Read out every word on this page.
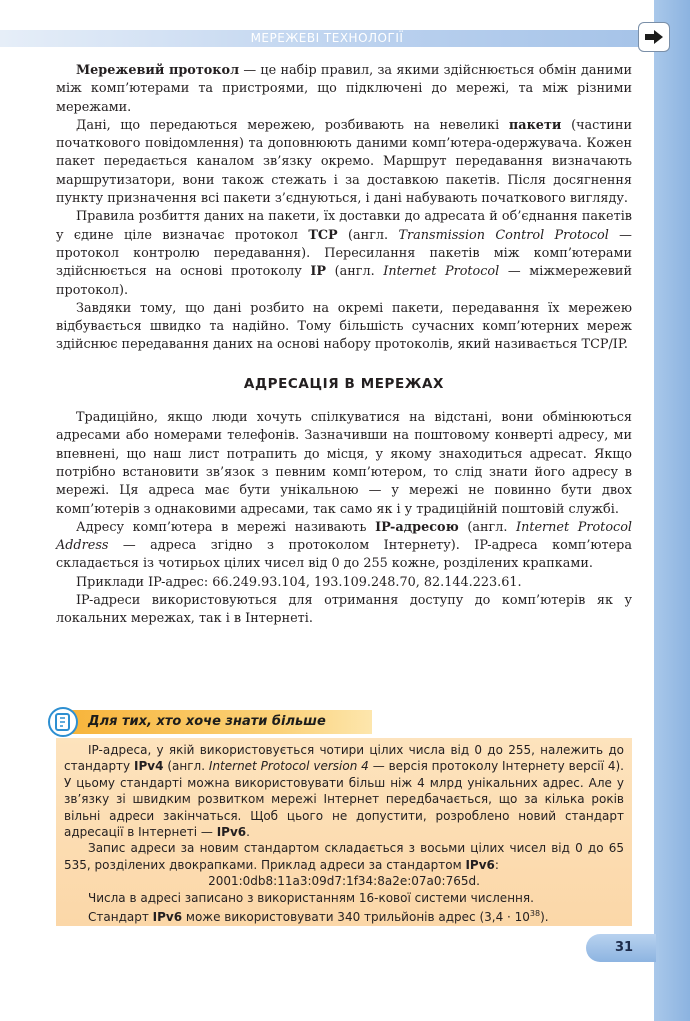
МЕРЕЖЕВІ ТЕХНОЛОГІЇ

Мережевий протокол — це набір правил, за якими здійснюється обмін даними між комп’ютерами та пристроями, що підключені до мережі, та між різними мережами.

Дані, що передаються мережею, розбивають на невеликі пакети (частини початкового повідомлення) та доповнюють даними комп’ютера-одержувача. Кожен пакет передається каналом зв’язку окремо. Маршрут передавання визначають маршрутизатори, вони також стежать і за доставкою пакетів. Після досягнення пункту призначення всі пакети з’єднуються, і дані набувають початкового вигляду.

Правила розбиття даних на пакети, їх доставки до адресата й об’єднання пакетів у єдине ціле визначає протокол TCP (англ. Transmission Control Protocol — протокол контролю передавання). Пересилання пакетів між комп’ютерами здійснюється на основі протоколу IP (англ. Internet Protocol — міжмережевий протокол).

Завдяки тому, що дані розбито на окремі пакети, передавання їх мережею відбувається швидко та надійно. Тому більшість сучасних комп’ютерних мереж здійснює передавання даних на основі набору протоколів, який називається TCP/IP.

АДРЕСАЦІЯ В МЕРЕЖАХ

Традиційно, якщо люди хочуть спілкуватися на відстані, вони обмінюються адресами або номерами телефонів. Зазначивши на поштовому конверті адресу, ми впевнені, що наш лист потрапить до місця, у якому знаходиться адресат. Якщо потрібно встановити зв’язок з певним комп’ютером, то слід знати його адресу в мережі. Ця адреса має бути унікальною — у мережі не повинно бути двох комп’ютерів з однаковими адресами, так само як і у традиційній поштовій службі.

Адресу комп’ютера в мережі називають IP-адресою (англ. Internet Protocol Address — адреса згідно з протоколом Інтернету). IP-адреса комп’ютера складається із чотирьох цілих чисел від 0 до 255 кожне, розділених крапками.

Приклади IP-адрес: 66.249.93.104, 193.109.248.70, 82.144.223.61.

IP-адреси використовуються для отримання доступу до комп’ютерів як у локальних мережах, так і в Інтернеті.

Для тих, хто хоче знати більше

IP-адреса, у якій використовується чотири цілих числа від 0 до 255, належить до стандарту IPv4 (англ. Internet Protocol version 4 — версія протоколу Інтернету версії 4). У цьому стандарті можна використовувати більш ніж 4 млрд унікальних адрес. Але у зв’язку зі швидким розвитком мережі Інтернет передбачається, що за кілька років вільні адреси закінчаться. Щоб цього не допустити, розроблено новий стандарт адресації в Інтернеті — IPv6.

Запис адреси за новим стандартом складається з восьми цілих чисел від 0 до 65 535, розділених двокрапками. Приклад адреси за стандартом IPv6:

2001:0db8:11a3:09d7:1f34:8a2e:07a0:765d.

Числа в адресі записано з використанням 16-кової системи числення.

Стандарт IPv6 може використовувати 340 трильйонів адрес $(3,4 \cdot 10^{38})$.

31
